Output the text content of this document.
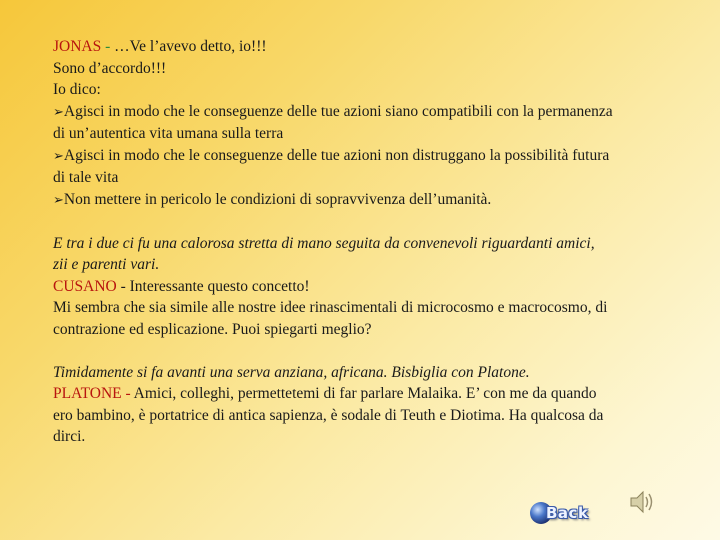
JONAS - …Ve l’avevo detto, io!!!
Sono d’accordo!!!
Io dico:
➢Agisci in modo che le conseguenze delle tue azioni siano compatibili con la permanenza di un’autentica vita umana sulla terra
➢Agisci in modo che le conseguenze delle tue azioni non distruggano la possibilità futura di tale vita
➢Non mettere in pericolo le condizioni di sopravvivenza dell’umanità.
E tra i due ci fu una calorosa stretta di mano seguita da convenevoli riguardanti amici, zii e parenti vari.
CUSANO - Interessante questo concetto!
Mi sembra che sia simile alle nostre idee rinascimentali di microcosmo e macrocosmo, di contrazione ed esplicazione. Puoi spiegarti meglio?
Timidamente si fa avanti una serva anziana, africana. Bisbiglia con Platone.
PLATONE - Amici, colleghi, permettetemi di far parlare Malaika. E’ con me da quando ero bambino, è portatrice di antica sapienza, è sodale di Teuth e Diotima. Ha qualcosa da dirci.
Back
